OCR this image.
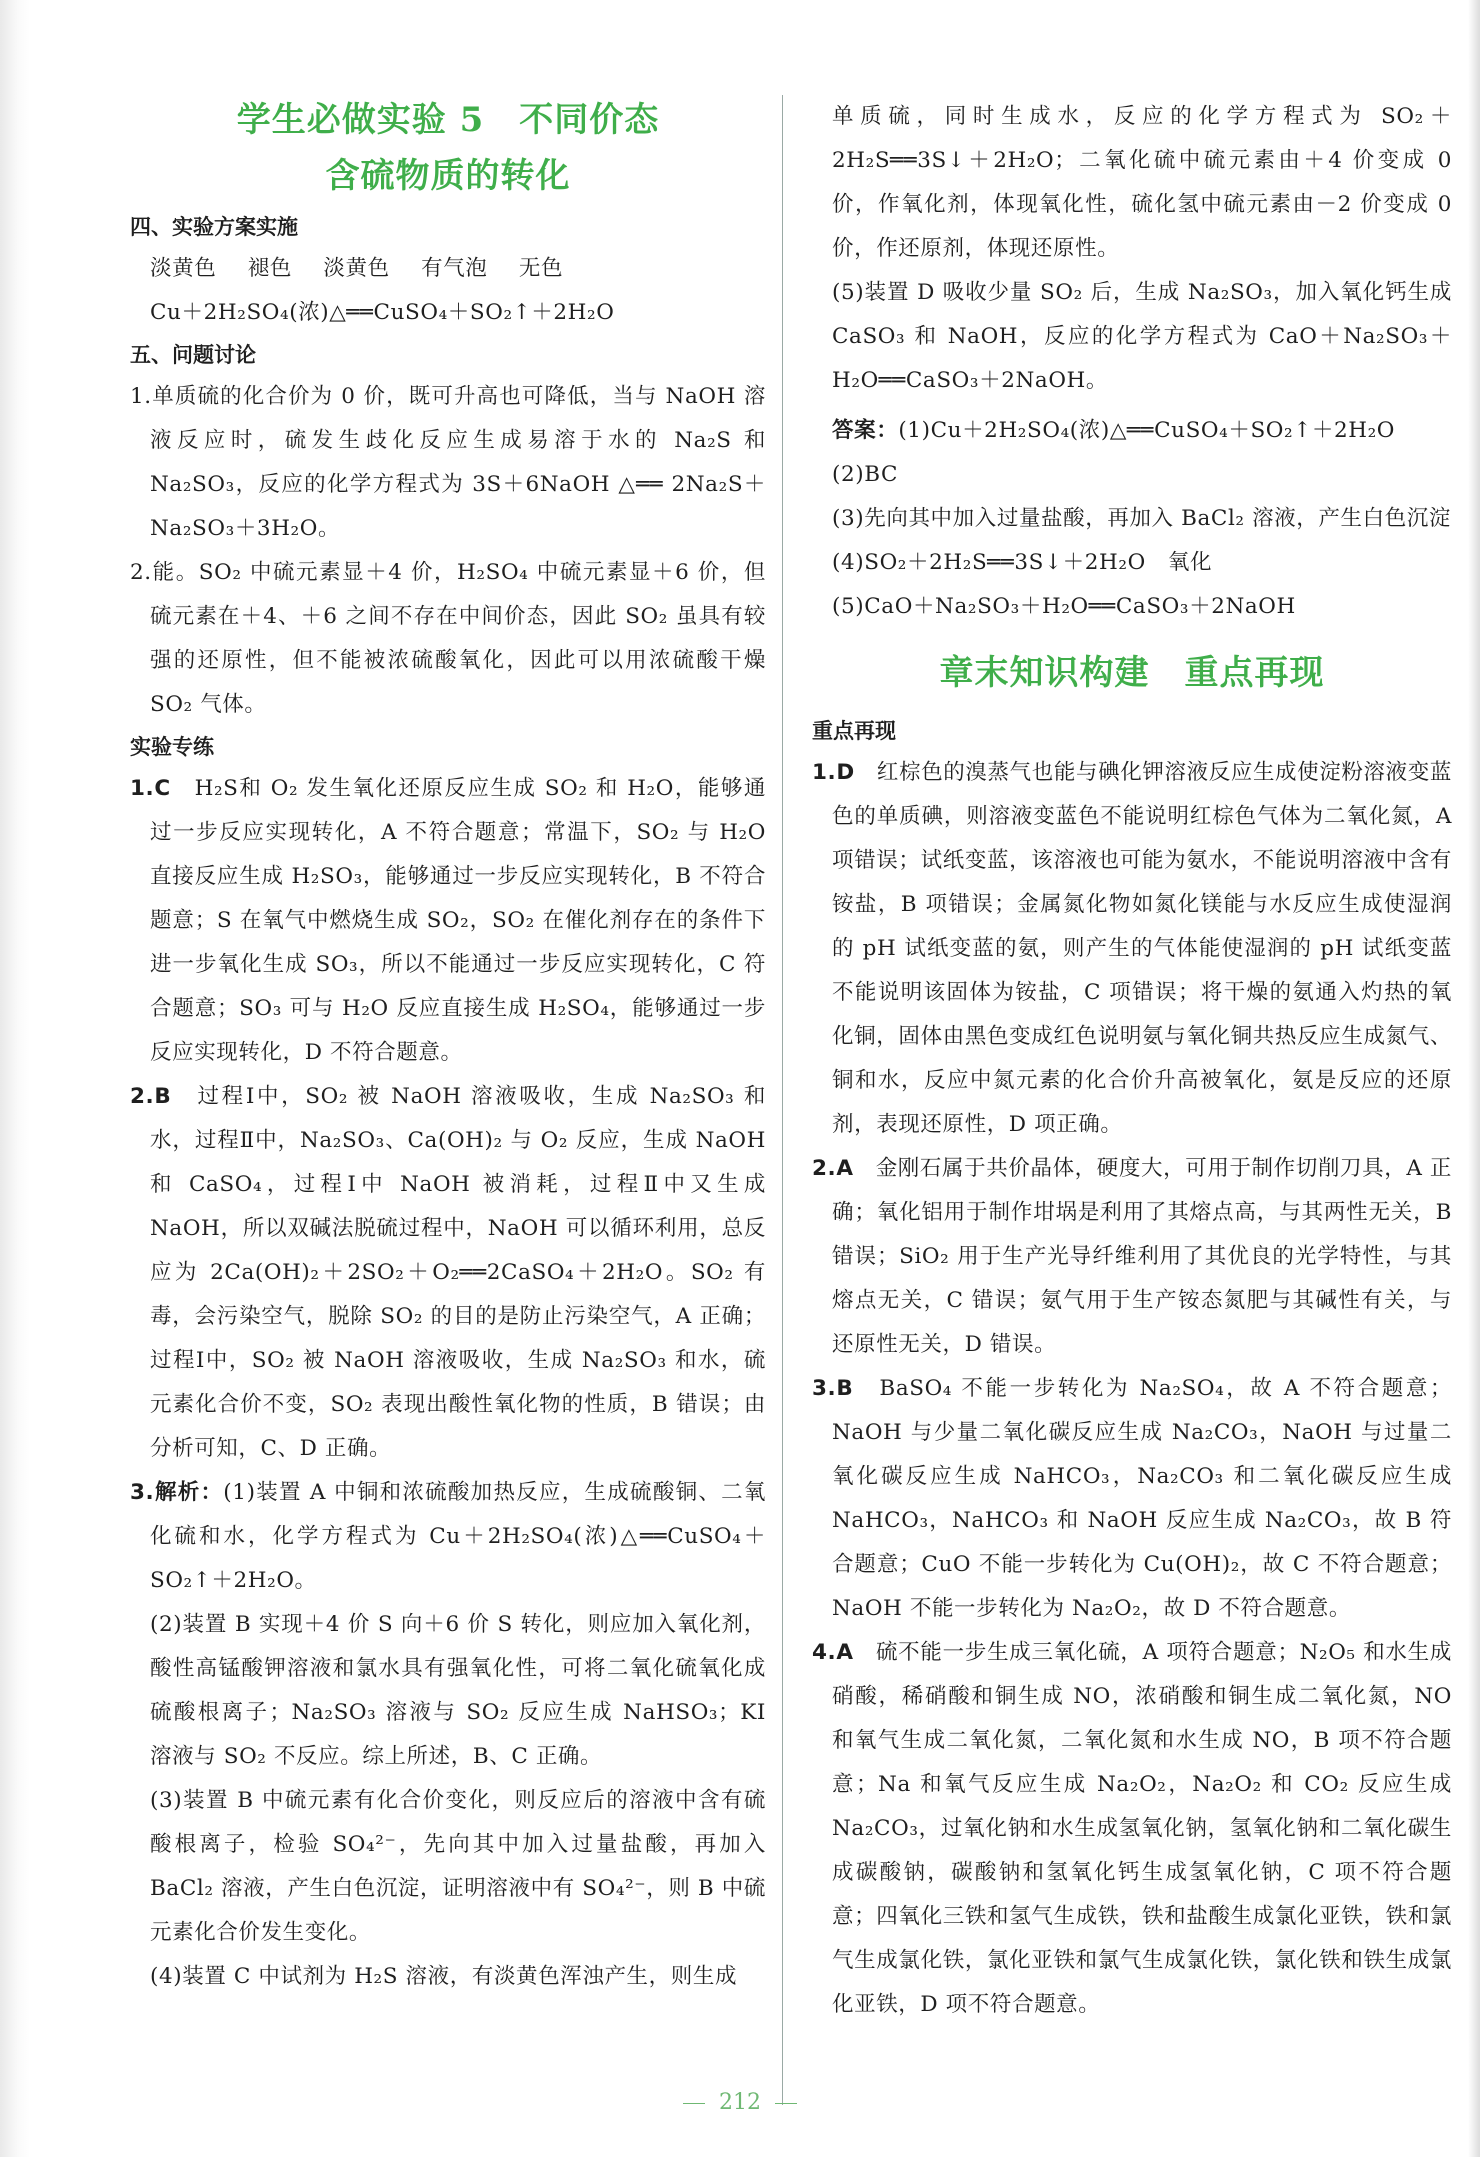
学生必做实验 5　不同价态
含硫物质的转化
四、实验方案实施
淡黄色 褪色 淡黄色 有气泡 无色

Cu＋2H₂SO₄(浓)△══CuSO₄＋SO₂↑＋2H₂O

五、问题讨论

1.单质硫的化合价为 0 价，既可升高也可降低，当与 NaOH 溶液反应时，硫发生歧化反应生成易溶于水的 Na₂S 和 Na₂SO₃，反应的化学方程式为 3S＋6NaOH △══ 2Na₂S＋Na₂SO₃＋3H₂O。

2.能。SO₂ 中硫元素显＋4 价，H₂SO₄ 中硫元素显＋6 价，但硫元素在＋4、＋6 之间不存在中间价态，因此 SO₂ 虽具有较强的还原性，但不能被浓硫酸氧化，因此可以用浓硫酸干燥 SO₂ 气体。

实验专练

1.C　 H₂S和 O₂ 发生氧化还原反应生成 SO₂ 和 H₂O，能够通过一步反应实现转化，A 不符合题意；常温下，SO₂ 与 H₂O 直接反应生成 H₂SO₃，能够通过一步反应实现转化，B 不符合题意；S 在氧气中燃烧生成 SO₂，SO₂ 在催化剂存在的条件下进一步氧化生成 SO₃，所以不能通过一步反应实现转化，C 符合题意；SO₃ 可与 H₂O 反应直接生成 H₂SO₄，能够通过一步反应实现转化，D 不符合题意。

2.B　 过程Ⅰ中，SO₂ 被 NaOH 溶液吸收，生成 Na₂SO₃ 和水，过程Ⅱ中，Na₂SO₃、Ca(OH)₂ 与 O₂ 反应，生成 NaOH 和 CaSO₄，过程Ⅰ中 NaOH 被消耗，过程Ⅱ中又生成 NaOH，所以双碱法脱硫过程中，NaOH 可以循环利用，总反应为 2Ca(OH)₂＋2SO₂＋O₂══2CaSO₄＋2H₂O。SO₂ 有毒，会污染空气，脱除 SO₂ 的目的是防止污染空气，A 正确；过程Ⅰ中，SO₂ 被 NaOH 溶液吸收，生成 Na₂SO₃ 和水，硫元素化合价不变，SO₂ 表现出酸性氧化物的性质，B 错误；由分析可知，C、D 正确。

3.解析：(1)装置 A 中铜和浓硫酸加热反应，生成硫酸铜、二氧化硫和水，化学方程式为 Cu＋2H₂SO₄(浓)△══CuSO₄＋SO₂↑＋2H₂O。

(2)装置 B 实现＋4 价 S 向＋6 价 S 转化，则应加入氧化剂，酸性高锰酸钾溶液和氯水具有强氧化性，可将二氧化硫氧化成硫酸根离子；Na₂SO₃ 溶液与 SO₂ 反应生成 NaHSO₃；KI 溶液与 SO₂ 不反应。综上所述，B、C 正确。

(3)装置 B 中硫元素有化合价变化，则反应后的溶液中含有硫酸根离子，检验 SO₄²⁻，先向其中加入过量盐酸，再加入 BaCl₂ 溶液，产生白色沉淀，证明溶液中有 SO₄²⁻，则 B 中硫元素化合价发生变化。

(4)装置 C 中试剂为 H₂S 溶液，有淡黄色浑浊产生，则生成

单质硫，同时生成水，反应的化学方程式为 SO₂＋2H₂S══3S↓＋2H₂O；二氧化硫中硫元素由＋4 价变成 0 价，作氧化剂，体现氧化性，硫化氢中硫元素由－2 价变成 0 价，作还原剂，体现还原性。

(5)装置 D 吸收少量 SO₂ 后，生成 Na₂SO₃，加入氧化钙生成 CaSO₃ 和 NaOH，反应的化学方程式为 CaO＋Na₂SO₃＋H₂O══CaSO₃＋2NaOH。

答案：(1)Cu＋2H₂SO₄(浓)△══CuSO₄＋SO₂↑＋2H₂O

(2)BC

(3)先向其中加入过量盐酸，再加入 BaCl₂ 溶液，产生白色沉淀

(4)SO₂＋2H₂S══3S↓＋2H₂O　氧化

(5)CaO＋Na₂SO₃＋H₂O══CaSO₃＋2NaOH

章末知识构建　重点再现
重点再现

1.D　 红棕色的溴蒸气也能与碘化钾溶液反应生成使淀粉溶液变蓝色的单质碘，则溶液变蓝色不能说明红棕色气体为二氧化氮，A 项错误；试纸变蓝，该溶液也可能为氨水，不能说明溶液中含有铵盐，B 项错误；金属氮化物如氮化镁能与水反应生成使湿润的 pH 试纸变蓝的氨，则产生的气体能使湿润的 pH 试纸变蓝不能说明该固体为铵盐，C 项错误；将干燥的氨通入灼热的氧化铜，固体由黑色变成红色说明氨与氧化铜共热反应生成氮气、铜和水，反应中氮元素的化合价升高被氧化，氨是反应的还原剂，表现还原性，D 项正确。

2.A　 金刚石属于共价晶体，硬度大，可用于制作切削刀具，A 正确；氧化铝用于制作坩埚是利用了其熔点高，与其两性无关，B 错误；SiO₂ 用于生产光导纤维利用了其优良的光学特性，与其熔点无关，C 错误；氨气用于生产铵态氮肥与其碱性有关，与还原性无关，D 错误。

3.B　 BaSO₄ 不能一步转化为 Na₂SO₄，故 A 不符合题意；NaOH 与少量二氧化碳反应生成 Na₂CO₃，NaOH 与过量二氧化碳反应生成 NaHCO₃，Na₂CO₃ 和二氧化碳反应生成 NaHCO₃，NaHCO₃ 和 NaOH 反应生成 Na₂CO₃，故 B 符合题意；CuO 不能一步转化为 Cu(OH)₂，故 C 不符合题意；NaOH 不能一步转化为 Na₂O₂，故 D 不符合题意。

4.A　 硫不能一步生成三氧化硫，A 项符合题意；N₂O₅ 和水生成硝酸，稀硝酸和铜生成 NO，浓硝酸和铜生成二氧化氮，NO 和氧气生成二氧化氮，二氧化氮和水生成 NO，B 项不符合题意；Na 和氧气反应生成 Na₂O₂，Na₂O₂ 和 CO₂ 反应生成 Na₂CO₃，过氧化钠和水生成氢氧化钠，氢氧化钠和二氧化碳生成碳酸钠，碳酸钠和氢氧化钙生成氢氧化钠，C 项不符合题意；四氧化三铁和氢气生成铁，铁和盐酸生成氯化亚铁，铁和氯气生成氯化铁，氯化亚铁和氯气生成氯化铁，氯化铁和铁生成氯化亚铁，D 项不符合题意。

212
